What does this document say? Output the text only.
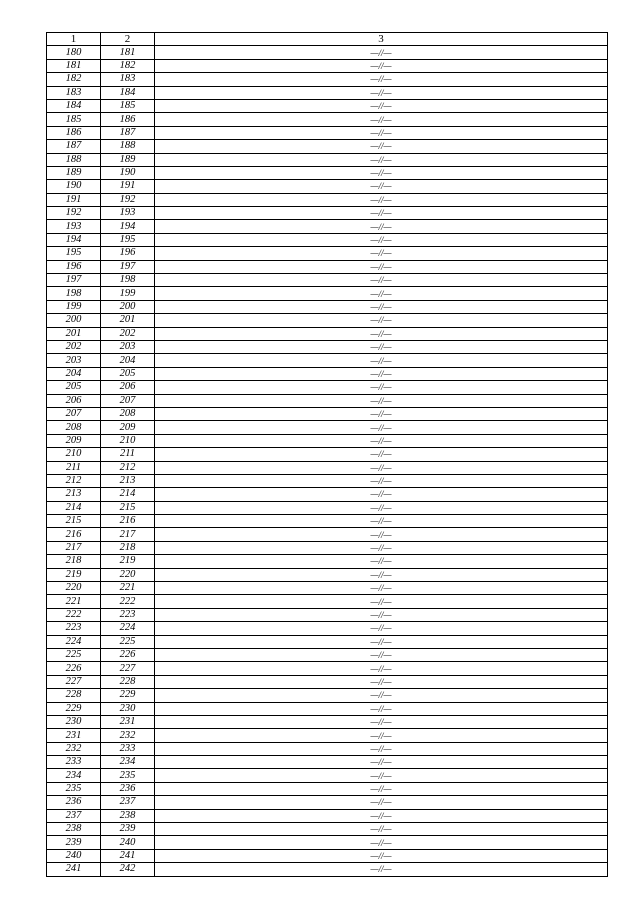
1	2	3
180	181	—//—
181	182	—//—
182	183	—//—
183	184	—//—
184	185	—//—
185	186	—//—
186	187	—//—
187	188	—//—
188	189	—//—
189	190	—//—
190	191	—//—
191	192	—//—
192	193	—//—
193	194	—//—
194	195	—//—
195	196	—//—
196	197	—//—
197	198	—//—
198	199	—//—
199	200	—//—
200	201	—//—
201	202	—//—
202	203	—//—
203	204	—//—
204	205	—//—
205	206	—//—
206	207	—//—
207	208	—//—
208	209	—//—
209	210	—//—
210	211	—//—
211	212	—//—
212	213	—//—
213	214	—//—
214	215	—//—
215	216	—//—
216	217	—//—
217	218	—//—
218	219	—//—
219	220	—//—
220	221	—//—
221	222	—//—
222	223	—//—
223	224	—//—
224	225	—//—
225	226	—//—
226	227	—//—
227	228	—//—
228	229	—//—
229	230	—//—
230	231	—//—
231	232	—//—
232	233	—//—
233	234	—//—
234	235	—//—
235	236	—//—
236	237	—//—
237	238	—//—
238	239	—//—
239	240	—//—
240	241	—//—
241	242	—//—
